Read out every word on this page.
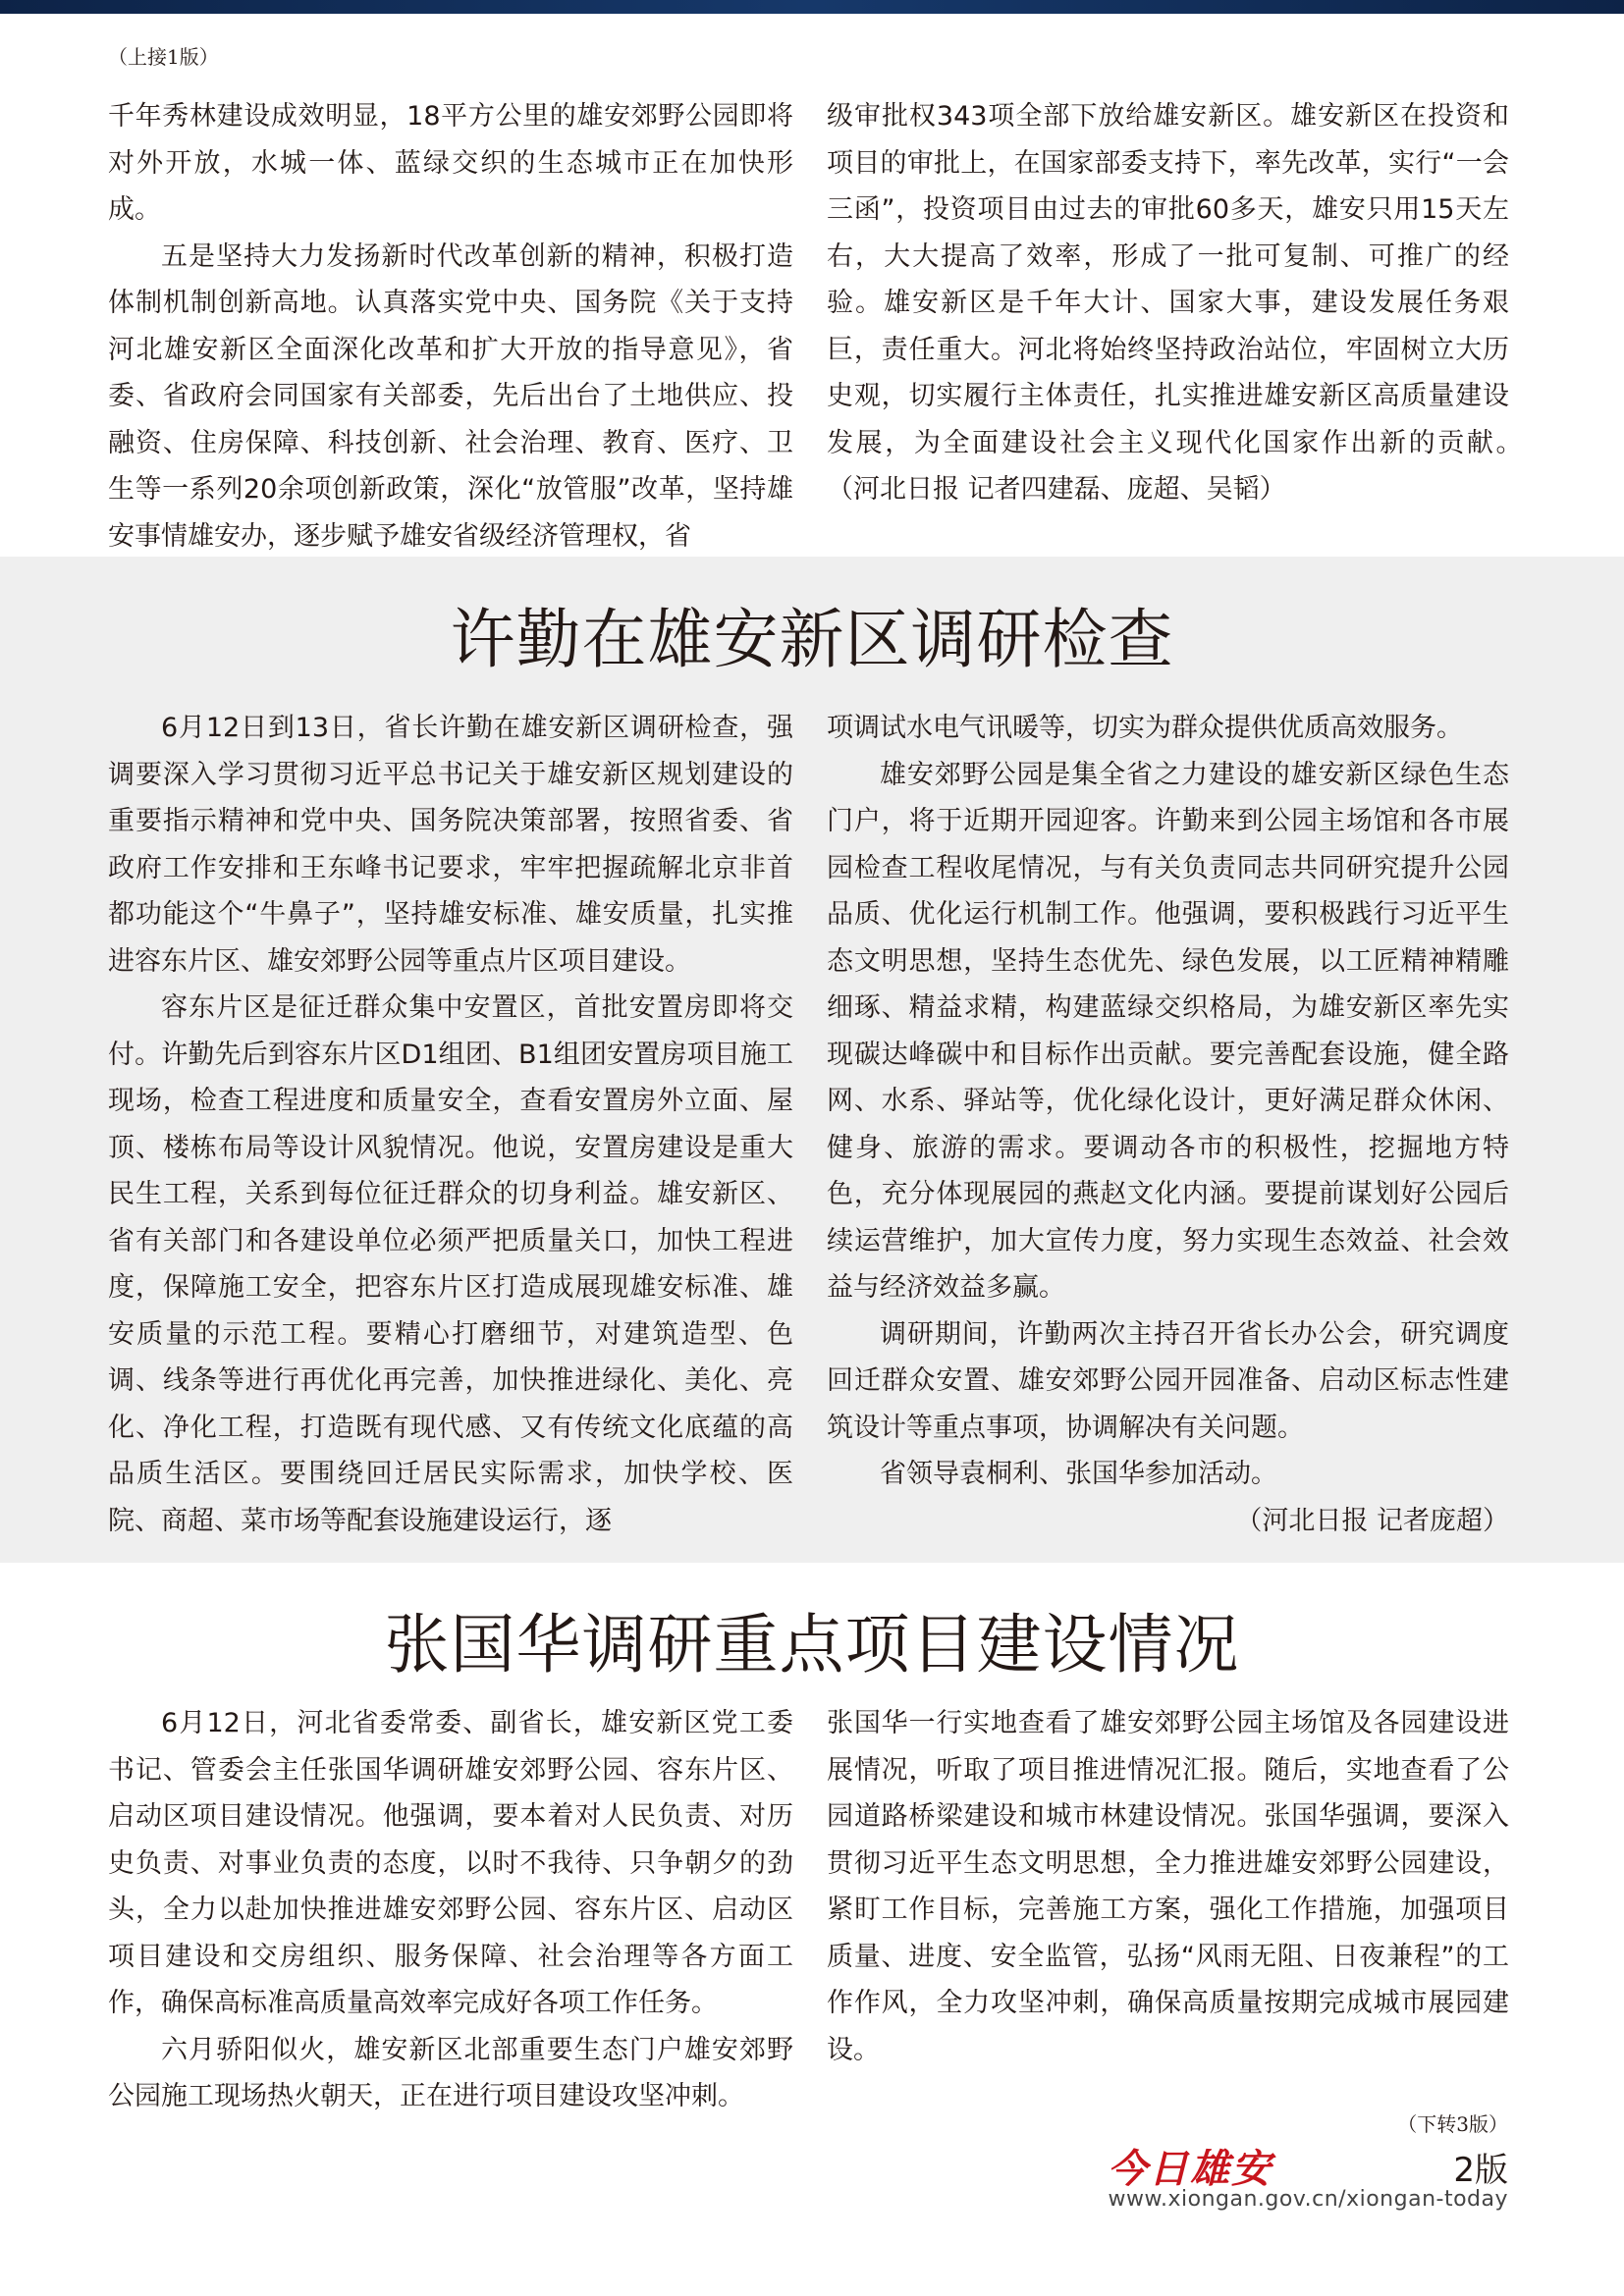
（上接1版）

千年秀林建设成效明显，18平方公里的雄安郊野公园即将对外开放，水城一体、蓝绿交织的生态城市正在加快形成。

五是坚持大力发扬新时代改革创新的精神，积极打造体制机制创新高地。认真落实党中央、国务院《关于支持河北雄安新区全面深化改革和扩大开放的指导意见》，省委、省政府会同国家有关部委，先后出台了土地供应、投融资、住房保障、科技创新、社会治理、教育、医疗、卫生等一系列20余项创新政策，深化“放管服”改革，坚持雄安事情雄安办，逐步赋予雄安省级经济管理权，省

级审批权343项全部下放给雄安新区。雄安新区在投资和项目的审批上，在国家部委支持下，率先改革，实行“一会三函”，投资项目由过去的审批60多天，雄安只用15天左右，大大提高了效率，形成了一批可复制、可推广的经验。雄安新区是千年大计、国家大事，建设发展任务艰巨，责任重大。河北将始终坚持政治站位，牢固树立大历史观，切实履行主体责任，扎实推进雄安新区高质量建设发展，为全面建设社会主义现代化国家作出新的贡献。　　（河北日报 记者四建磊、庞超、吴韬）

许勤在雄安新区调研检查

6月12日到13日，省长许勤在雄安新区调研检查，强调要深入学习贯彻习近平总书记关于雄安新区规划建设的重要指示精神和党中央、国务院决策部署，按照省委、省政府工作安排和王东峰书记要求，牢牢把握疏解北京非首都功能这个“牛鼻子”，坚持雄安标准、雄安质量，扎实推进容东片区、雄安郊野公园等重点片区项目建设。

容东片区是征迁群众集中安置区，首批安置房即将交付。许勤先后到容东片区D1组团、B1组团安置房项目施工现场，检查工程进度和质量安全，查看安置房外立面、屋顶、楼栋布局等设计风貌情况。他说，安置房建设是重大民生工程，关系到每位征迁群众的切身利益。雄安新区、省有关部门和各建设单位必须严把质量关口，加快工程进度，保障施工安全，把容东片区打造成展现雄安标准、雄安质量的示范工程。要精心打磨细节，对建筑造型、色调、线条等进行再优化再完善，加快推进绿化、美化、亮化、净化工程，打造既有现代感、又有传统文化底蕴的高品质生活区。要围绕回迁居民实际需求，加快学校、医院、商超、菜市场等配套设施建设运行，逐

项调试水电气讯暖等，切实为群众提供优质高效服务。

雄安郊野公园是集全省之力建设的雄安新区绿色生态门户，将于近期开园迎客。许勤来到公园主场馆和各市展园检查工程收尾情况，与有关负责同志共同研究提升公园品质、优化运行机制工作。他强调，要积极践行习近平生态文明思想，坚持生态优先、绿色发展，以工匠精神精雕细琢、精益求精，构建蓝绿交织格局，为雄安新区率先实现碳达峰碳中和目标作出贡献。要完善配套设施，健全路网、水系、驿站等，优化绿化设计，更好满足群众休闲、健身、旅游的需求。要调动各市的积极性，挖掘地方特色，充分体现展园的燕赵文化内涵。要提前谋划好公园后续运营维护，加大宣传力度，努力实现生态效益、社会效益与经济效益多赢。

调研期间，许勤两次主持召开省长办公会，研究调度回迁群众安置、雄安郊野公园开园准备、启动区标志性建筑设计等重点事项，协调解决有关问题。

省领导袁桐利、张国华参加活动。

（河北日报 记者庞超）

张国华调研重点项目建设情况

6月12日，河北省委常委、副省长，雄安新区党工委书记、管委会主任张国华调研雄安郊野公园、容东片区、启动区项目建设情况。他强调，要本着对人民负责、对历史负责、对事业负责的态度，以时不我待、只争朝夕的劲头，全力以赴加快推进雄安郊野公园、容东片区、启动区项目建设和交房组织、服务保障、社会治理等各方面工作，确保高标准高质量高效率完成好各项工作任务。

六月骄阳似火，雄安新区北部重要生态门户雄安郊野公园施工现场热火朝天，正在进行项目建设攻坚冲刺。

张国华一行实地查看了雄安郊野公园主场馆及各园建设进展情况，听取了项目推进情况汇报。随后，实地查看了公园道路桥梁建设和城市林建设情况。张国华强调，要深入贯彻习近平生态文明思想，全力推进雄安郊野公园建设，紧盯工作目标，完善施工方案，强化工作措施，加强项目质量、进度、安全监管，弘扬“风雨无阻、日夜兼程”的工作作风，全力攻坚冲刺，确保高质量按期完成城市展园建设。

（下转3版）
今日雄安	2版
www.xiongan.gov.cn/xiongan-today
